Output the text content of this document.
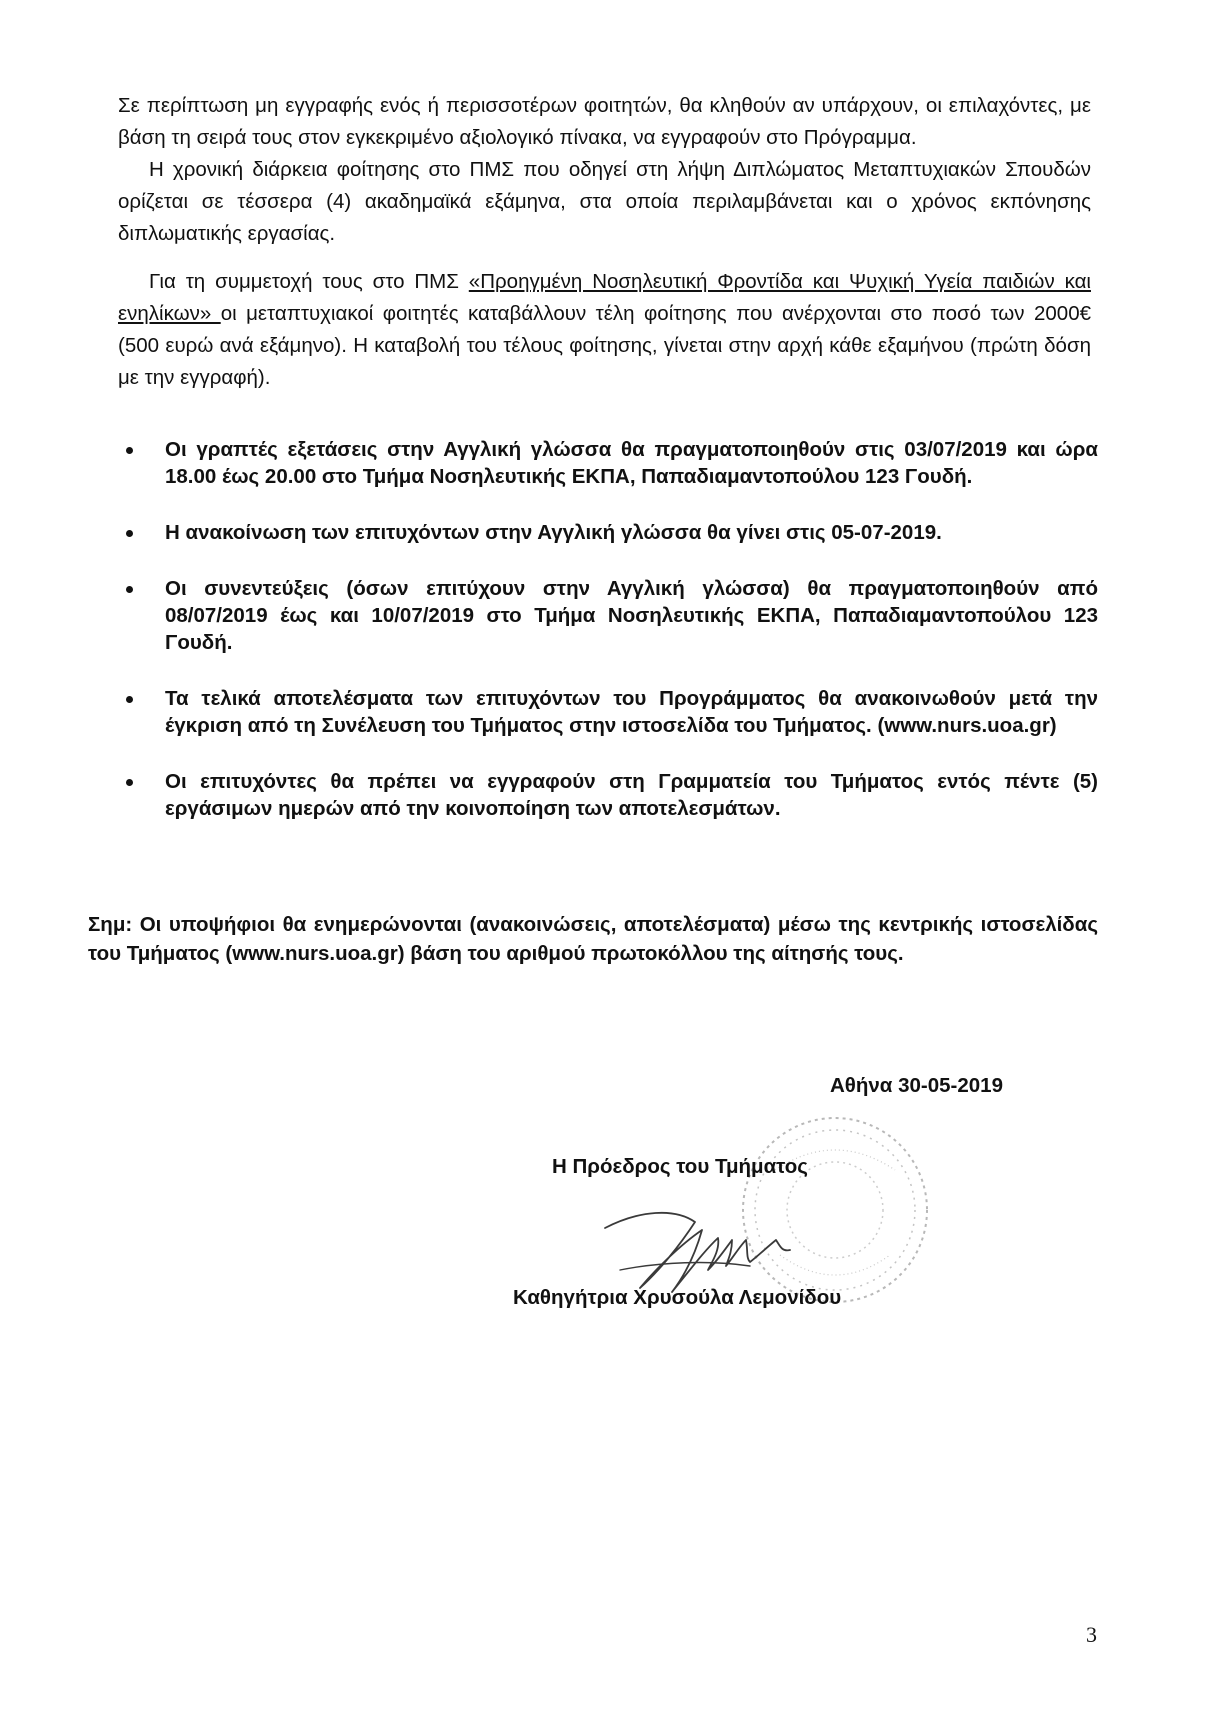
Σε περίπτωση μη εγγραφής ενός ή περισσοτέρων φοιτητών, θα κληθούν αν υπάρχουν, οι επιλαχόντες, με βάση τη σειρά τους στον εγκεκριμένο αξιολογικό πίνακα, να εγγραφούν στο Πρόγραμμα.

Η χρονική διάρκεια φοίτησης στο ΠΜΣ που οδηγεί στη λήψη Διπλώματος Μεταπτυχιακών Σπουδών ορίζεται σε τέσσερα (4) ακαδημαϊκά εξάμηνα, στα οποία περιλαμβάνεται και ο χρόνος εκπόνησης διπλωματικής εργασίας.

Για τη συμμετοχή τους στο ΠΜΣ «Προηγμένη Νοσηλευτική Φροντίδα και Ψυχική Υγεία παιδιών και ενηλίκων» οι μεταπτυχιακοί φοιτητές καταβάλλουν τέλη φοίτησης που ανέρχονται στο ποσό των 2000€ (500 ευρώ ανά εξάμηνο). Η καταβολή του τέλους φοίτησης, γίνεται στην αρχή κάθε εξαμήνου (πρώτη δόση με την εγγραφή).

Οι γραπτές εξετάσεις στην Αγγλική γλώσσα θα πραγματοποιηθούν στις 03/07/2019 και ώρα 18.00 έως 20.00 στο Τμήμα Νοσηλευτικής ΕΚΠΑ, Παπαδιαμαντοπούλου 123 Γουδή.
Η ανακοίνωση των επιτυχόντων στην Αγγλική γλώσσα θα γίνει στις 05-07-2019.
Οι συνεντεύξεις (όσων επιτύχουν στην Αγγλική γλώσσα) θα πραγματοποιηθούν από 08/07/2019 έως και 10/07/2019 στο Τμήμα Νοσηλευτικής ΕΚΠΑ, Παπαδιαμαντοπούλου 123 Γουδή.
Τα τελικά αποτελέσματα των επιτυχόντων του Προγράμματος θα ανακοινωθούν μετά την έγκριση από τη Συνέλευση του Τμήματος στην ιστοσελίδα του Τμήματος. (www.nurs.uoa.gr)
Οι επιτυχόντες θα πρέπει να εγγραφούν στη Γραμματεία του Τμήματος εντός πέντε (5) εργάσιμων ημερών από την κοινοποίηση των αποτελεσμάτων.

Σημ: Οι υποψήφιοι θα ενημερώνονται (ανακοινώσεις, αποτελέσματα) μέσω της κεντρικής ιστοσελίδας του Τμήματος (www.nurs.uoa.gr) βάση του αριθμού πρωτοκόλλου της αίτησής τους.

Αθήνα 30-05-2019

Η Πρόεδρος του Τμήματος

Καθηγήτρια Χρυσούλα Λεμονίδου

3
